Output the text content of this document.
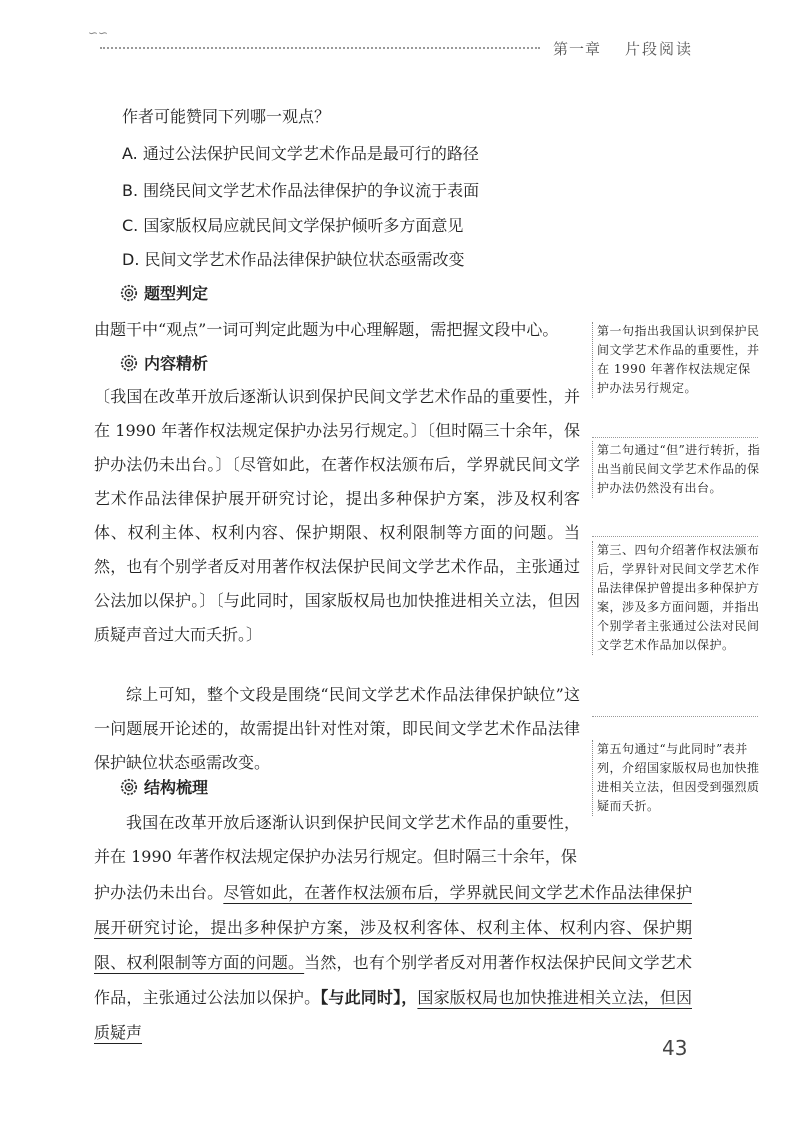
∽∽
第一章 片段阅读
作者可能赞同下列哪一观点？
A. 通过公法保护民间文学艺术作品是最可行的路径
B. 围绕民间文学艺术作品法律保护的争议流于表面
C. 国家版权局应就民间文学保护倾听多方面意见
D. 民间文学艺术作品法律保护缺位状态亟需改变
题型判定
由题干中“观点”一词可判定此题为中心理解题，需把握文段中心。
内容精析
〔我国在改革开放后逐渐认识到保护民间文学艺术作品的重要性，并在 1990 年著作权法规定保护办法另行规定。〕〔但时隔三十余年，保护办法仍未出台。〕〔尽管如此，在著作权法颁布后，学界就民间文学艺术作品法律保护展开研究讨论，提出多种保护方案，涉及权利客体、权利主体、权利内容、保护期限、权利限制等方面的问题。当然，也有个别学者反对用著作权法保护民间文学艺术作品，主张通过公法加以保护。〕〔与此同时，国家版权局也加快推进相关立法，但因质疑声音过大而夭折。〕
综上可知，整个文段是围绕“民间文学艺术作品法律保护缺位”这一问题展开论述的，故需提出针对性对策，即民间文学艺术作品法律保护缺位状态亟需改变。
结构梳理
我国在改革开放后逐渐认识到保护民间文学艺术作品的重要性，并在 1990 年著作权法规定保护办法另行规定。但时隔三十余年，保
护办法仍未出台。尽管如此，在著作权法颁布后，学界就民间文学艺术作品法律保护展开研究讨论，提出多种保护方案，涉及权利客体、权利主体、权利内容、保护期限、权利限制等方面的问题。当然，也有个别学者反对用著作权法保护民间文学艺术作品，主张通过公法加以保护。【与此同时】，国家版权局也加快推进相关立法，但因质疑声
第一句指出我国认识到保护民间文学艺术作品的重要性，并在 1990 年著作权法规定保护办法另行规定。
第二句通过“但”进行转折，指出当前民间文学艺术作品的保护办法仍然没有出台。
第三、四句介绍著作权法颁布后，学界针对民间文学艺术作品法律保护曾提出多种保护方案，涉及多方面问题，并指出个别学者主张通过公法对民间文学艺术作品加以保护。
第五句通过“与此同时”表并列，介绍国家版权局也加快推进相关立法，但因受到强烈质疑而夭折。
43
